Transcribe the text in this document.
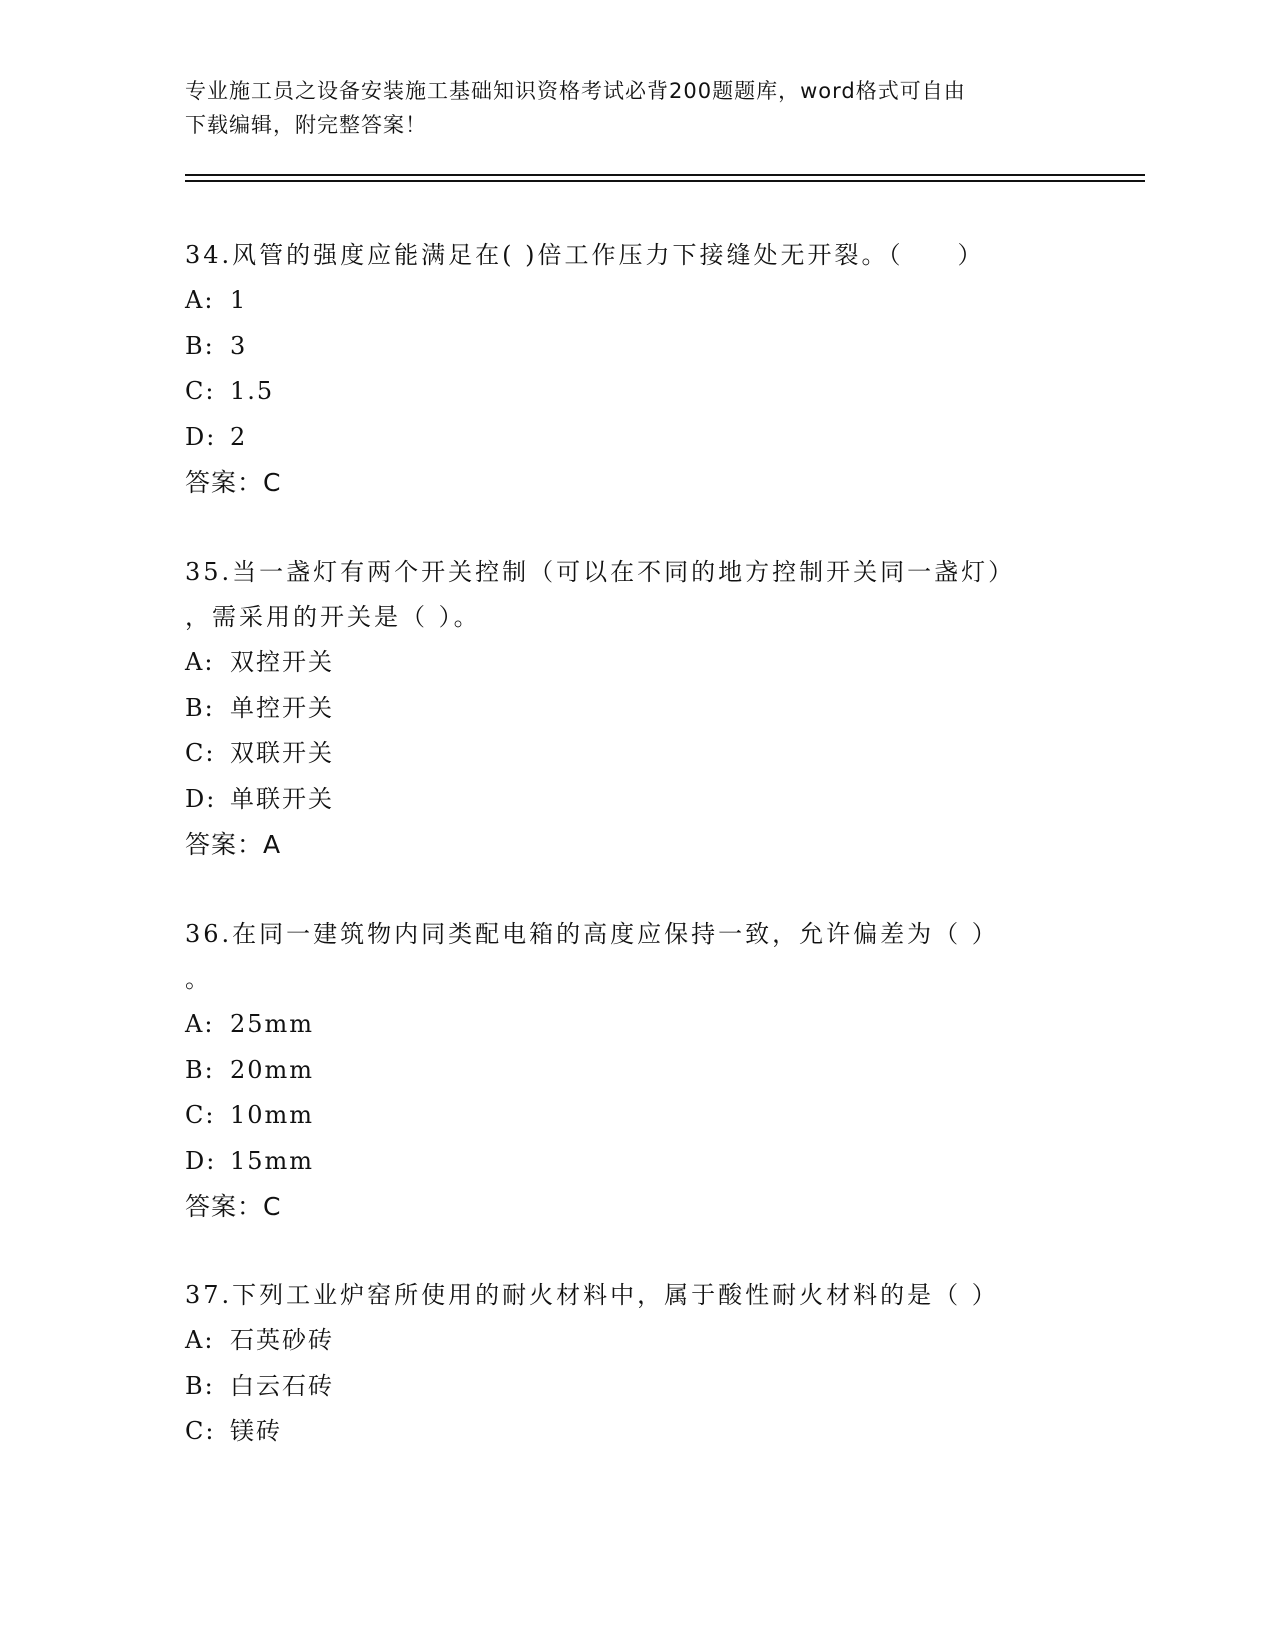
专业施工员之设备安装施工基础知识资格考试必背200题题库，word格式可自由
下载编辑，附完整答案！
34.风管的强度应能满足在( )倍工作压力下接缝处无开裂。（　　）
A: 1
B: 3
C: 1.5
D: 2
答案：C
35.当一盏灯有两个开关控制（可以在不同的地方控制开关同一盏灯）
，需采用的开关是（ ）。
A: 双控开关
B: 单控开关
C: 双联开关
D: 单联开关
答案：A
36.在同一建筑物内同类配电箱的高度应保持一致，允许偏差为（ ）
。
A: 25mm
B: 20mm
C: 10mm
D: 15mm
答案：C
37.下列工业炉窑所使用的耐火材料中，属于酸性耐火材料的是（ ）
A: 石英砂砖
B: 白云石砖
C: 镁砖
